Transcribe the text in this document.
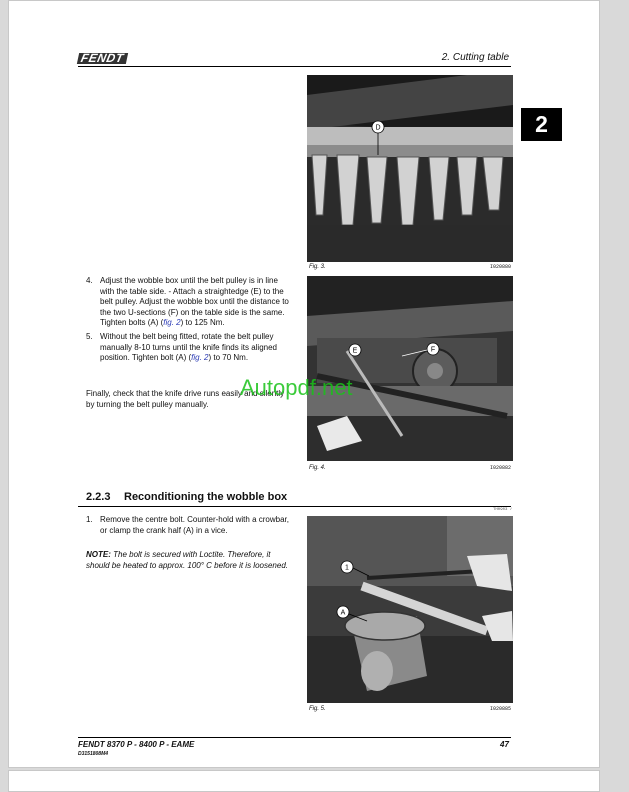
FENDT	2. Cutting table
2
D
Fig. 3.	I020880
E	F
Fig. 4.	I020882
4. Adjust the wobble box until the belt pulley is in line with the table side. - Attach a straightedge (E) to the belt pulley. Adjust the wobble box until the distance to the two U-sections (F) on the table side is the same. Tighten bolts (A) (fig. 2) to 125 Nm.
5. Without the belt being fitted, rotate the belt pulley manually 8-10 turns until the knife finds its aligned position. Tighten bolt (A) (fig. 2) to 70 Nm.
Finally, check that the knife drive runs easily and silently by turning the belt pulley manually.
Autopdf.net
2.2.3 Reconditioning the wobble box
TH0903 /
1. Remove the centre bolt. Counter-hold with a crowbar, or clamp the crank half (A) in a vice.
NOTE: The bolt is secured with Loctite. Therefore, it should be heated to approx. 100° C before it is loosened.	1
A
Fig. 5.	I020885
FENDT 8370 P - 8400 P - EAME
D3151808M4
47
